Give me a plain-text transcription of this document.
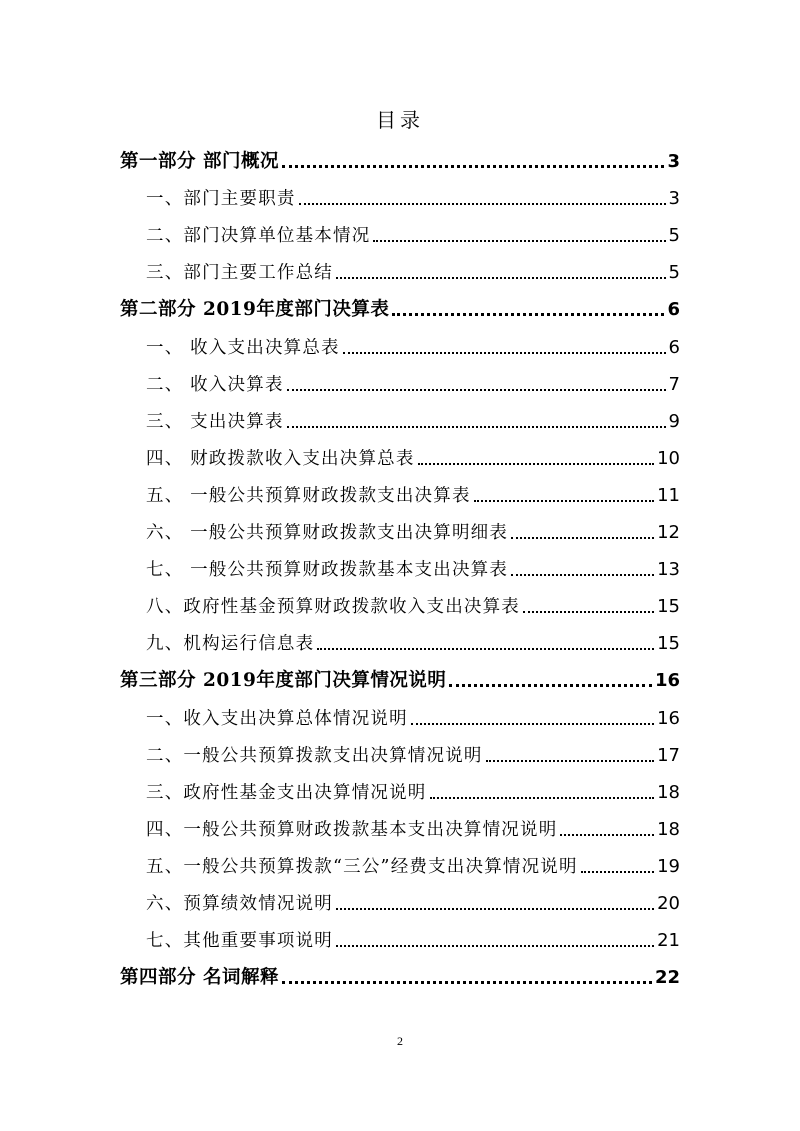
目录
第一部分 部门概况	3
一、部门主要职责	3
二、部门决算单位基本情况	5
三、部门主要工作总结	5
第二部分 2019年度部门决算表	6
一、 收入支出决算总表	6
二、 收入决算表	7
三、 支出决算表	9
四、 财政拨款收入支出决算总表	10
五、 一般公共预算财政拨款支出决算表	11
六、 一般公共预算财政拨款支出决算明细表	12
七、 一般公共预算财政拨款基本支出决算表	13
八、政府性基金预算财政拨款收入支出决算表	15
九、机构运行信息表	15
第三部分 2019年度部门决算情况说明	16
一、收入支出决算总体情况说明	16
二、一般公共预算拨款支出决算情况说明	17
三、政府性基金支出决算情况说明	18
四、一般公共预算财政拨款基本支出决算情况说明	18
五、一般公共预算拨款“三公”经费支出决算情况说明	19
六、预算绩效情况说明	20
七、其他重要事项说明	21
第四部分 名词解释	22
2
